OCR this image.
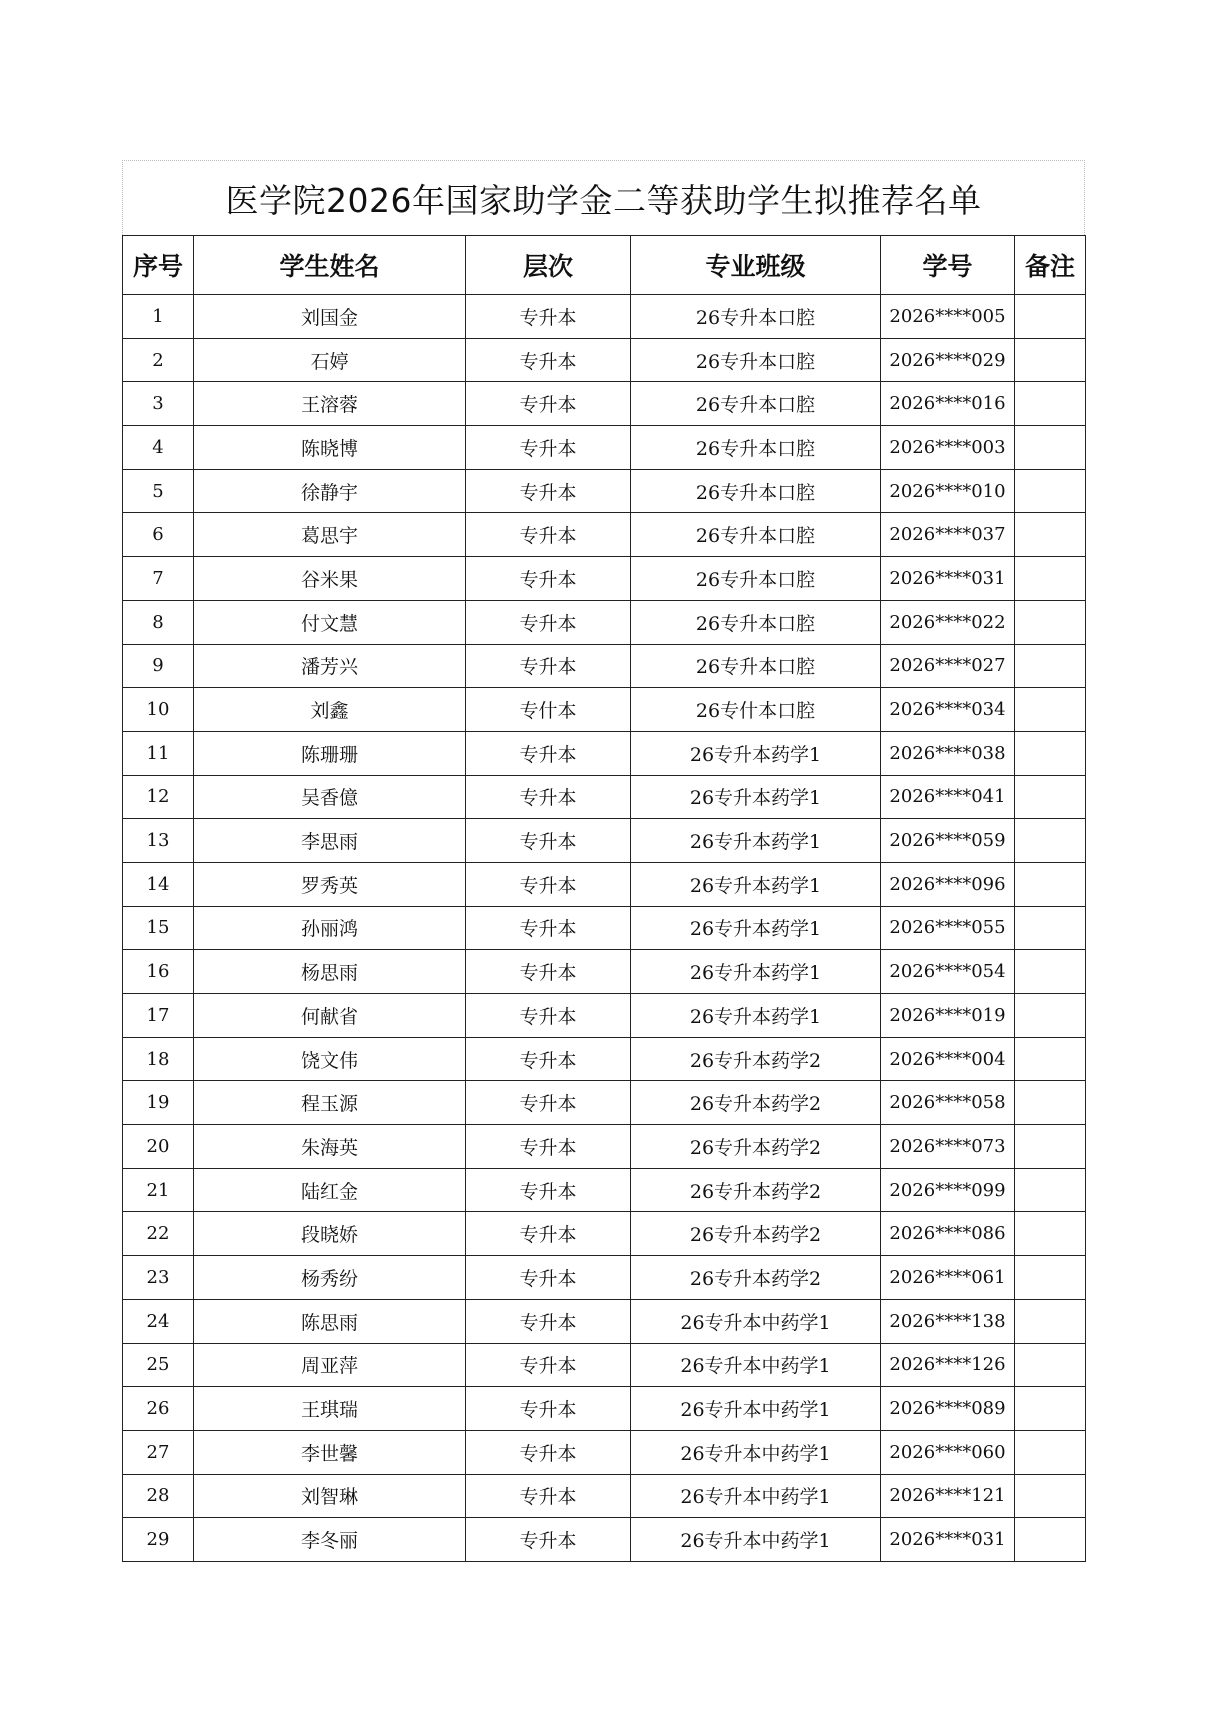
医学院2026年国家助学金二等获助学生拟推荐名单
序号	学生姓名	层次	专业班级	学号	备注
1	刘国金	专升本	26专升本口腔	2026****005	
2	石婷	专升本	26专升本口腔	2026****029	
3	王溶蓉	专升本	26专升本口腔	2026****016	
4	陈晓博	专升本	26专升本口腔	2026****003	
5	徐静宇	专升本	26专升本口腔	2026****010	
6	葛思宇	专升本	26专升本口腔	2026****037	
7	谷米果	专升本	26专升本口腔	2026****031	
8	付文慧	专升本	26专升本口腔	2026****022	
9	潘芳兴	专升本	26专升本口腔	2026****027	
10	刘鑫	专什本	26专什本口腔	2026****034	
11	陈珊珊	专升本	26专升本药学1	2026****038	
12	吴香億	专升本	26专升本药学1	2026****041	
13	李思雨	专升本	26专升本药学1	2026****059	
14	罗秀英	专升本	26专升本药学1	2026****096	
15	孙丽鸿	专升本	26专升本药学1	2026****055	
16	杨思雨	专升本	26专升本药学1	2026****054	
17	何献省	专升本	26专升本药学1	2026****019	
18	饶文伟	专升本	26专升本药学2	2026****004	
19	程玉源	专升本	26专升本药学2	2026****058	
20	朱海英	专升本	26专升本药学2	2026****073	
21	陆红金	专升本	26专升本药学2	2026****099	
22	段晓娇	专升本	26专升本药学2	2026****086	
23	杨秀纷	专升本	26专升本药学2	2026****061	
24	陈思雨	专升本	26专升本中药学1	2026****138	
25	周亚萍	专升本	26专升本中药学1	2026****126	
26	王琪瑞	专升本	26专升本中药学1	2026****089	
27	李世馨	专升本	26专升本中药学1	2026****060	
28	刘智琳	专升本	26专升本中药学1	2026****121	
29	李冬丽	专升本	26专升本中药学1	2026****031	
